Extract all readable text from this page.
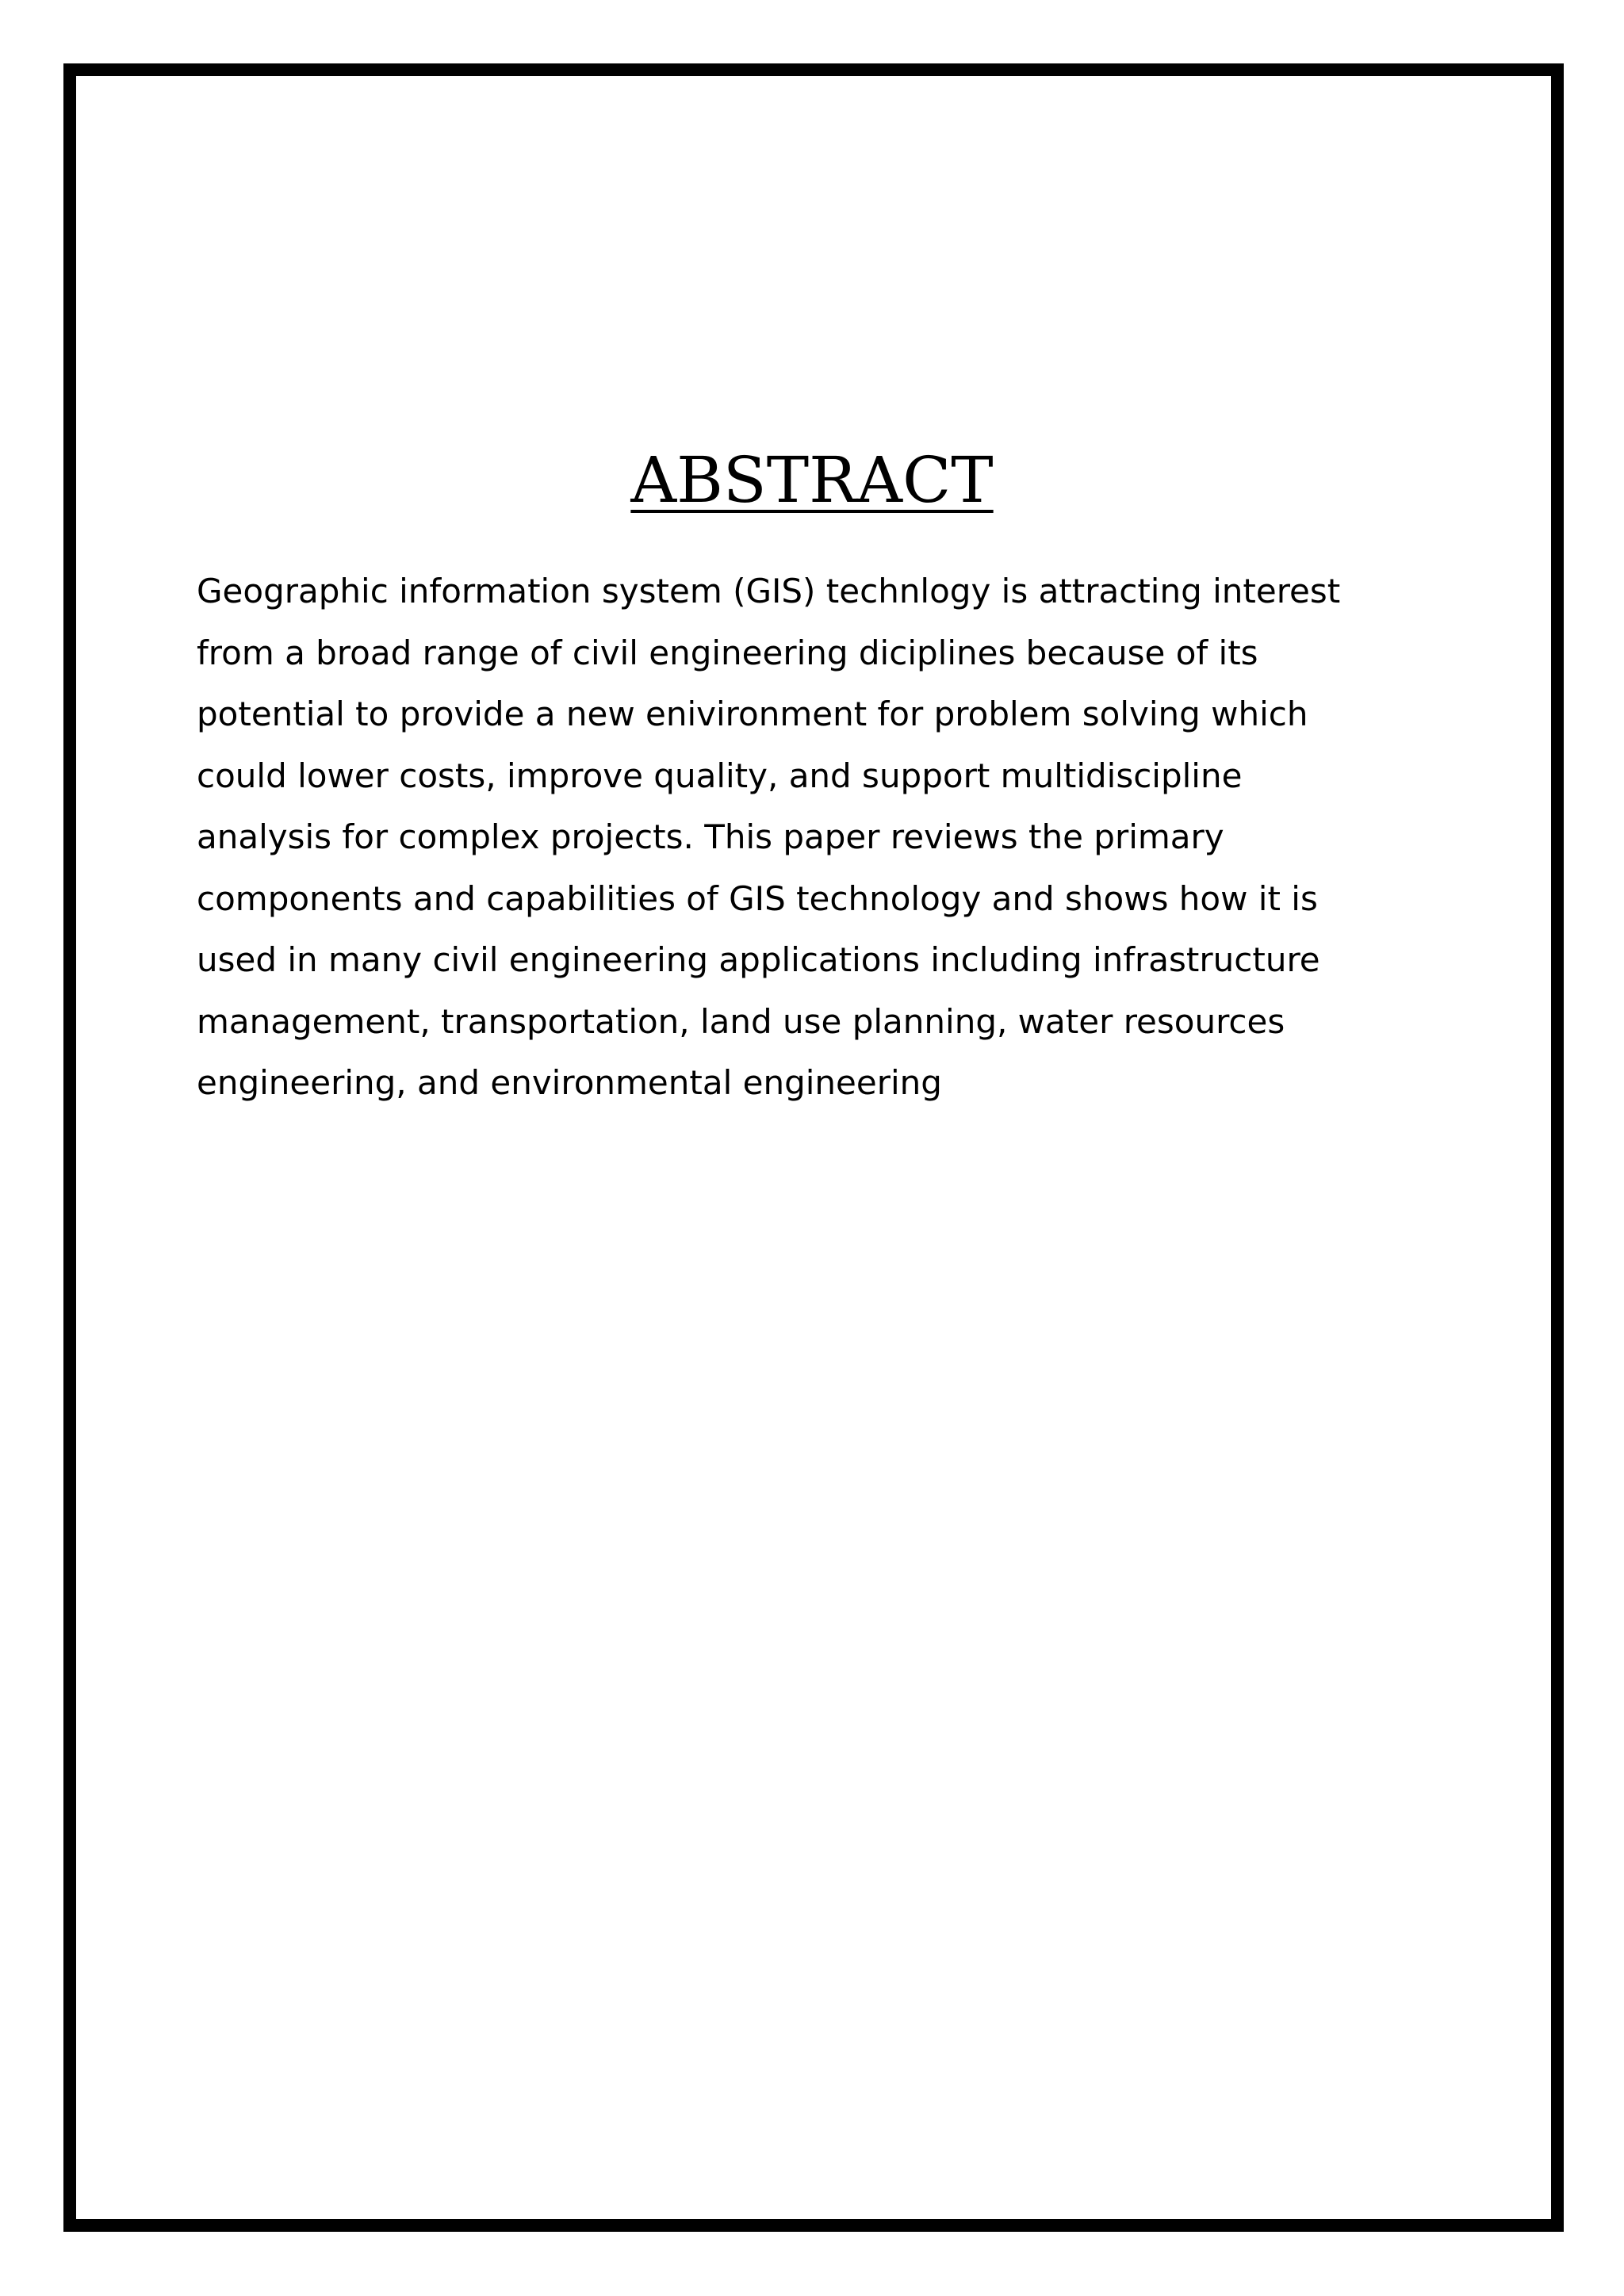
ABSTRACT

Geographic information system (GIS) technlogy is attracting interest
from a broad range of civil engineering diciplines because of its
potential to provide a new enivironment for problem solving which
could lower costs, improve quality, and support multidiscipline
analysis for complex projects. This paper reviews the primary
components and capabilities of GIS technology and shows how it is
used in many civil engineering applications including infrastructure
management, transportation, land use planning, water resources
engineering, and environmental engineering
